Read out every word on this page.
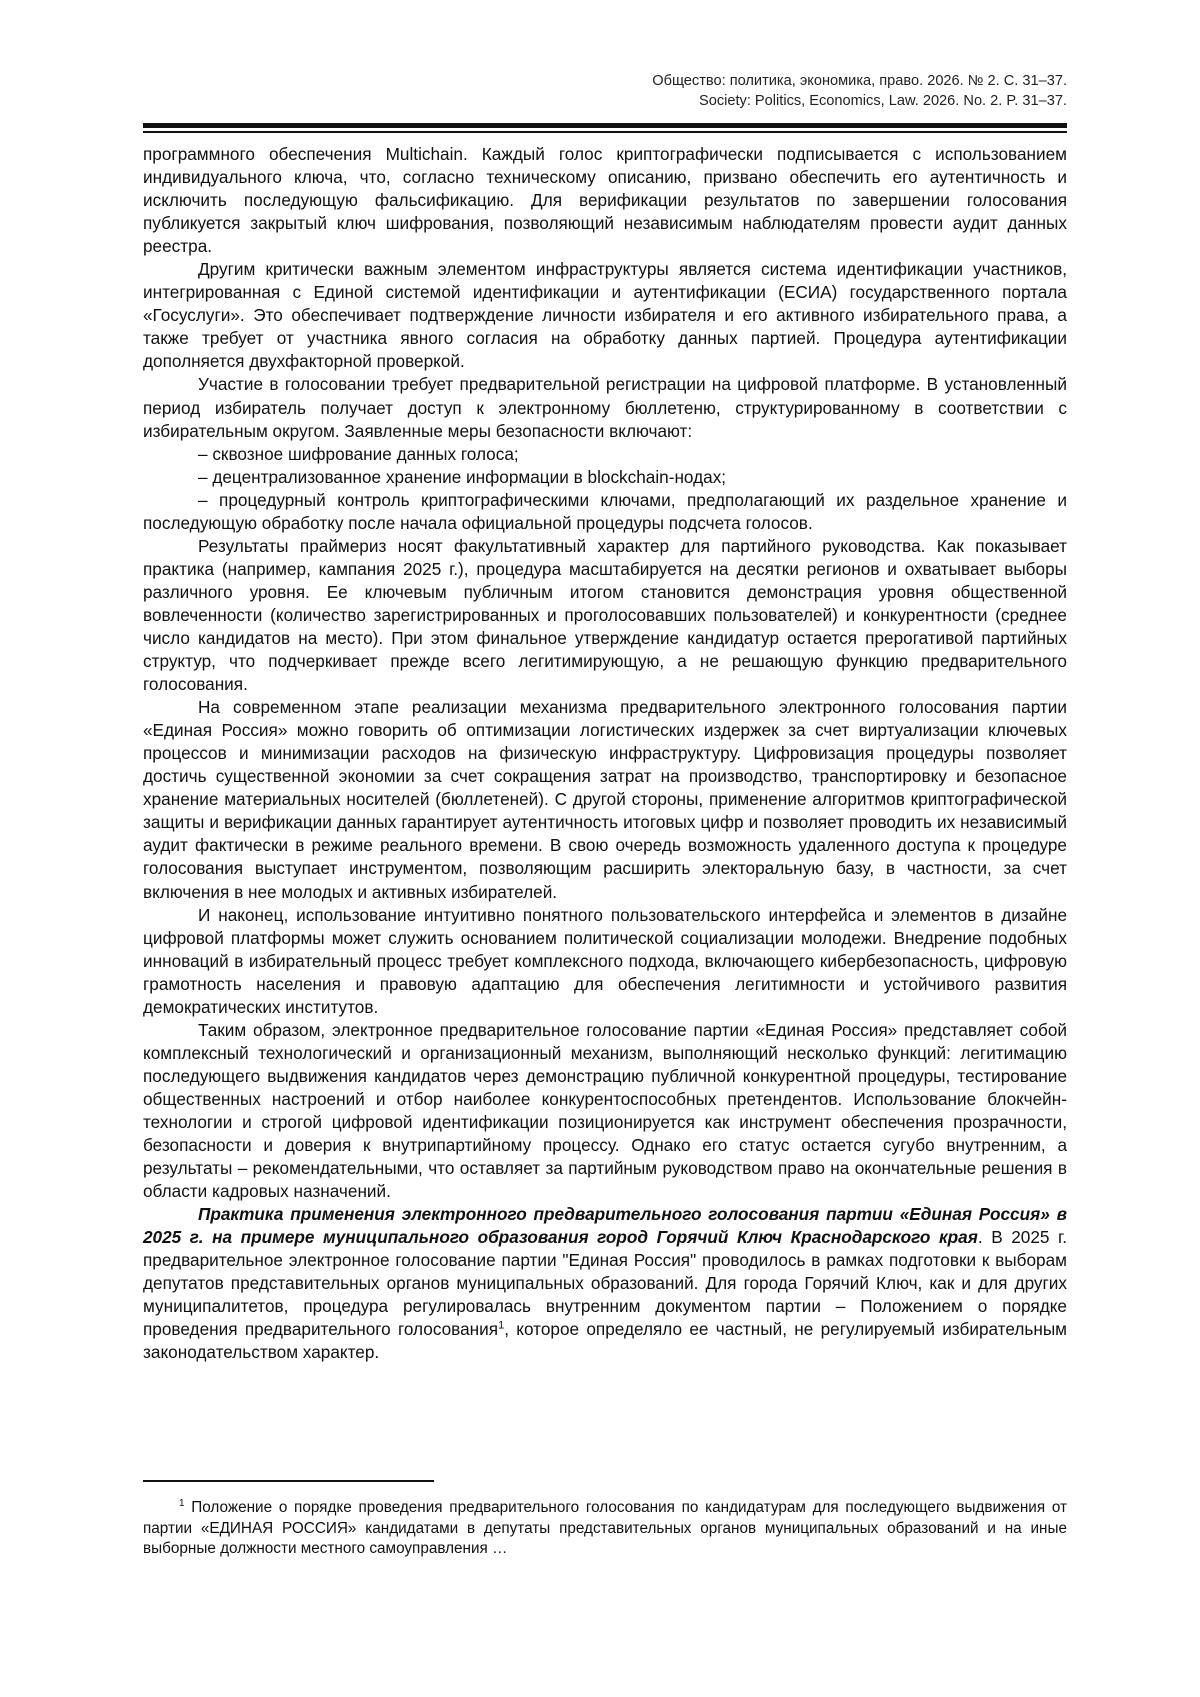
Общество: политика, экономика, право. 2026. № 2. С. 31–37.
Society: Politics, Economics, Law. 2026. No. 2. P. 31–37.

программного обеспечения Multichain. Каждый голос криптографически подписывается с использованием индивидуального ключа, что, согласно техническому описанию, призвано обеспечить его аутентичность и исключить последующую фальсификацию. Для верификации результатов по завершении голосования публикуется закрытый ключ шифрования, позволяющий независимым наблюдателям провести аудит данных реестра.

Другим критически важным элементом инфраструктуры является система идентификации участников, интегрированная с Единой системой идентификации и аутентификации (ЕСИА) государственного портала «Госуслуги». Это обеспечивает подтверждение личности избирателя и его активного избирательного права, а также требует от участника явного согласия на обработку данных партией. Процедура аутентификации дополняется двухфакторной проверкой.

Участие в голосовании требует предварительной регистрации на цифровой платформе. В установленный период избиратель получает доступ к электронному бюллетеню, структурированному в соответствии с избирательным округом. Заявленные меры безопасности включают:

– сквозное шифрование данных голоса;

– децентрализованное хранение информации в blockchain-нодах;

– процедурный контроль криптографическими ключами, предполагающий их раздельное хранение и последующую обработку после начала официальной процедуры подсчета голосов.

Результаты праймериз носят факультативный характер для партийного руководства. Как показывает практика (например, кампания 2025 г.), процедура масштабируется на десятки регионов и охватывает выборы различного уровня. Ее ключевым публичным итогом становится демонстрация уровня общественной вовлеченности (количество зарегистрированных и проголосовавших пользователей) и конкурентности (среднее число кандидатов на место). При этом финальное утверждение кандидатур остается прерогативой партийных структур, что подчеркивает прежде всего легитимирующую, а не решающую функцию предварительного голосования.

На современном этапе реализации механизма предварительного электронного голосования партии «Единая Россия» можно говорить об оптимизации логистических издержек за счет виртуализации ключевых процессов и минимизации расходов на физическую инфраструктуру. Цифровизация процедуры позволяет достичь существенной экономии за счет сокращения затрат на производство, транспортировку и безопасное хранение материальных носителей (бюллетеней). С другой стороны, применение алгоритмов криптографической защиты и верификации данных гарантирует аутентичность итоговых цифр и позволяет проводить их независимый аудит фактически в режиме реального времени. В свою очередь возможность удаленного доступа к процедуре голосования выступает инструментом, позволяющим расширить электоральную базу, в частности, за счет включения в нее молодых и активных избирателей.

И наконец, использование интуитивно понятного пользовательского интерфейса и элементов в дизайне цифровой платформы может служить основанием политической социализации молодежи. Внедрение подобных инноваций в избирательный процесс требует комплексного подхода, включающего кибербезопасность, цифровую грамотность населения и правовую адаптацию для обеспечения легитимности и устойчивого развития демократических институтов.

Таким образом, электронное предварительное голосование партии «Единая Россия» представляет собой комплексный технологический и организационный механизм, выполняющий несколько функций: легитимацию последующего выдвижения кандидатов через демонстрацию публичной конкурентной процедуры, тестирование общественных настроений и отбор наиболее конкурентоспособных претендентов. Использование блокчейн-технологии и строгой цифровой идентификации позиционируется как инструмент обеспечения прозрачности, безопасности и доверия к внутрипартийному процессу. Однако его статус остается сугубо внутренним, а результаты – рекомендательными, что оставляет за партийным руководством право на окончательные решения в области кадровых назначений.

Практика применения электронного предварительного голосования партии «Единая Россия» в 2025 г. на примере муниципального образования город Горячий Ключ Краснодарского края. В 2025 г. предварительное электронное голосование партии "Единая Россия" проводилось в рамках подготовки к выборам депутатов представительных органов муниципальных образований. Для города Горячий Ключ, как и для других муниципалитетов, процедура регулировалась внутренним документом партии – Положением о порядке проведения предварительного голосования$^1$, которое определяло ее частный, не регулируемый избирательным законодательством характер.

$^1$ Положение о порядке проведения предварительного голосования по кандидатурам для последующего выдвижения от партии «ЕДИНАЯ РОССИЯ» кандидатами в депутаты представительных органов муниципальных образований и на иные выборные должности местного самоуправления …
